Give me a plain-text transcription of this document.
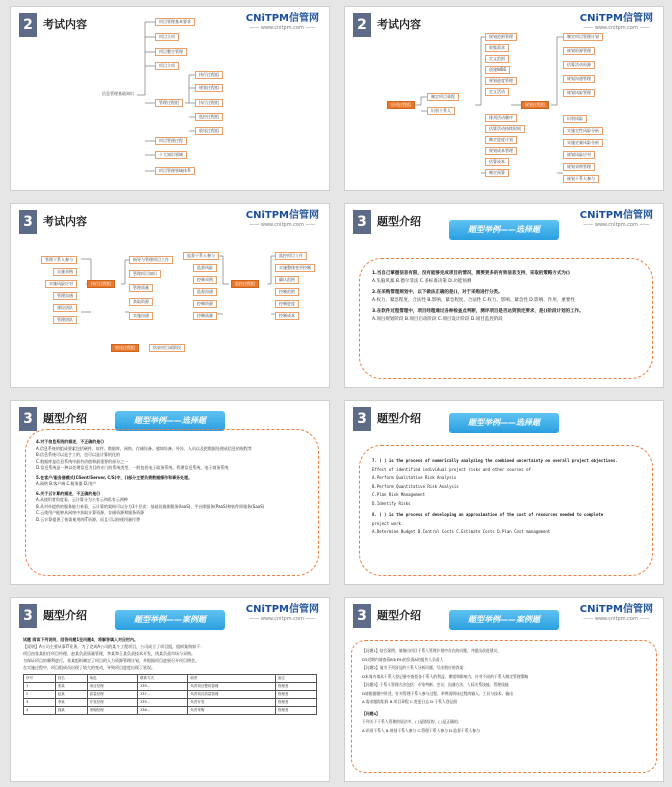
2 考试内容	CNiTPM信管网
—— www.cnitpm.com ——
信息管理基础知识
项目管理基本要求
项目立项
项目整合管理
项目立项
管理过程组
项目管理过程
十大知识领域
项目管理领域体系
执行过程组
规划过程组
执行过程组
监控过程组
收尾过程组
2 考试内容	CNiTPM信管网
—— www.cnitpm.com ——
启动过程组
制定项目章程
识别干系人
规划过程组
规划范围管理
收集需求
定义范围
创建WBS
规划进度管理
定义活动
排列活动顺序
估算活动持续时间
制定进度计划
规划成本管理
估算成本
制定预算
制定项目管理计划
规划资源管理
估算活动资源
规划沟通管理
规划风险管理
识别风险
实施定性风险分析
实施定量风险分析
规划风险应对
规划采购管理
规划干系人参与
3 考试内容	CNiTPM信管网
—— www.cnitpm.com ——
执行过程组
管理干系人参与
实施采购
实施风险应对
管理沟通
建设团队
管理团队
指导与管理项目工作
管理项目知识
管理质量
获取资源
实施沟通
监控过程组
监督干系人参与
监督风险
控制采购
监督沟通
控制资源
控制质量
监控项目工作
实施整体变更控制
确认范围
控制范围
控制进度
控制成本
收尾过程组	结束项目或阶段
3 题型介绍	CNiTPM信管网
—— www.cnitpm.com ——
题型举例——选择题

1.当自己掌握信息有限，没有能够完成项目的情况，需要更多的有效信息支持，采取的策略方式为()

A.头脑风暴 B.德尔菲法 C.多标准决策 D.功能预测

2.在采购管理规划中，以下做法正确的是()，对于采购进行分类。

A.权力、紧急程度、合法性 B.影响、紧急程度、合法性 C.权力、影响、紧急性 D.影响、作用、重要性

3.在软件过程管理中，项目经理通过各种检查点判断，测评项目是否达到预定要求，是()阶段计划的工作。

A.项目规划阶段 B.项目启动阶段 C.项目设计阶段 D.项目监控阶段

3 题型介绍	题型举例——选择题

4.对于信息系统的描述，不正确的是()

A.信息系统的组成要素包括硬件、软件、数据库、网络、存储设备、感知设备、外设、人员以及把数据处理成信息的规程等

B.信息系统可以是手工的，也可以是计算机化的

C.数据库是信息系统中最有价值和最重要的部分之一

D.信息系统是一种以处理信息为目的专门的系统类型，一般包括电子政务系统、管理信息系统、电子商务系统

5.在客户/服务器模式(Client/Server, C/S)中，()部分主要负责数据操作和事务处理。

A.网络 B.客户端 C.服务器 D.用户

6.关于云计算的描述，不正确的是()

A.从使用者角度看，云计算分为公有云和私有云两种

B.从对外提供的服务能力来看，云计算的架构可以分为3个层次：基础设施即服务(IaaS)、平台即服务(PaaS)和软件即服务(SaaS)

C.云使用户能够从网络中获取计算资源、存储资源和服务资源

D.云计算提供了按需使用的IT资源，而且可以按使用量付费

3 题型介绍	题型举例——选择题

7. ( ) is the process of numerically analyzing the combined uncertainty on overall project objectives.

Effect of identified individual project risks and other sources of

A.Perform Qualitative Risk Analysis

B.Perform Quantitative Risk Analysis

C.Plan Risk Management

D.Identify Risks

8. ( ) is the process of developing an approximation of the cost of resources needed to complete

project work.

A.Determine Budget B.Control Costs C.Estimate Costs D.Plan Cost management

3 题型介绍	CNiTPM信管网
—— www.cnitpm.com ——
题型举例——案例题

试题 阅读下列说明，回答问题1至问题4，将解答填入对应栏内。

【说明】A公司主要从事IT业务，为了完成A公司的某个工程项目，公司成立了项目组，组织架构如下：

项目由张某担任项目经理，赵某负责质量管理，李某和王某负责技术开发，钱某负责市场与采购。

为保证项目的顺利进行，张某组织制定了项目的人力资源管理计划，并根据项目进展召开项目例会。

在实施过程中，项目组成员出现了较大的变动，导致项目进度出现了延误。

序号	姓名	角色	联系方式	职责	备注
1	张某	项目经理	139...	负责项目整体管理	管理者
2	赵某	质量经理	137...	负责项目质量管理	管理者
3	李某	开发经理	135...	负责开发	管理者
4	钱某	采购经理	136...	负责采购	管理者
3 题型介绍	CNiTPM信管网
—— www.cnitpm.com ——
题型举例——案例题

【问题1】结合案例，请指出项目干系人管理计划中存在的问题，并提出改进建议。

D3近期内请查看B3(E9)的负责A的报告人负责人

【问题2】请为下列涉及的干系人分析问题，写出相应的答案：

D本周内请从干系人登记册中查找各干系人的利益、期望和影响力，针对不同的干系人制定管理策略

【问题3】干系人管理方法包括：专家判断、会议、沟通方法、人际关系技能、管理技能

D请根据题中所述，针对管理干系人参与过程，举例说明该过程的输入、工具与技术、输出

A.需求跟踪矩阵 B.项目章程 C.变更日志 D.干系人登记册

【问题4】

下列关于干系人管理的说法中，( )是错误的，( )是正确的。

A.识别干系人 B.规划干系人参与 C.管理干系人参与 D.监督干系人参与
